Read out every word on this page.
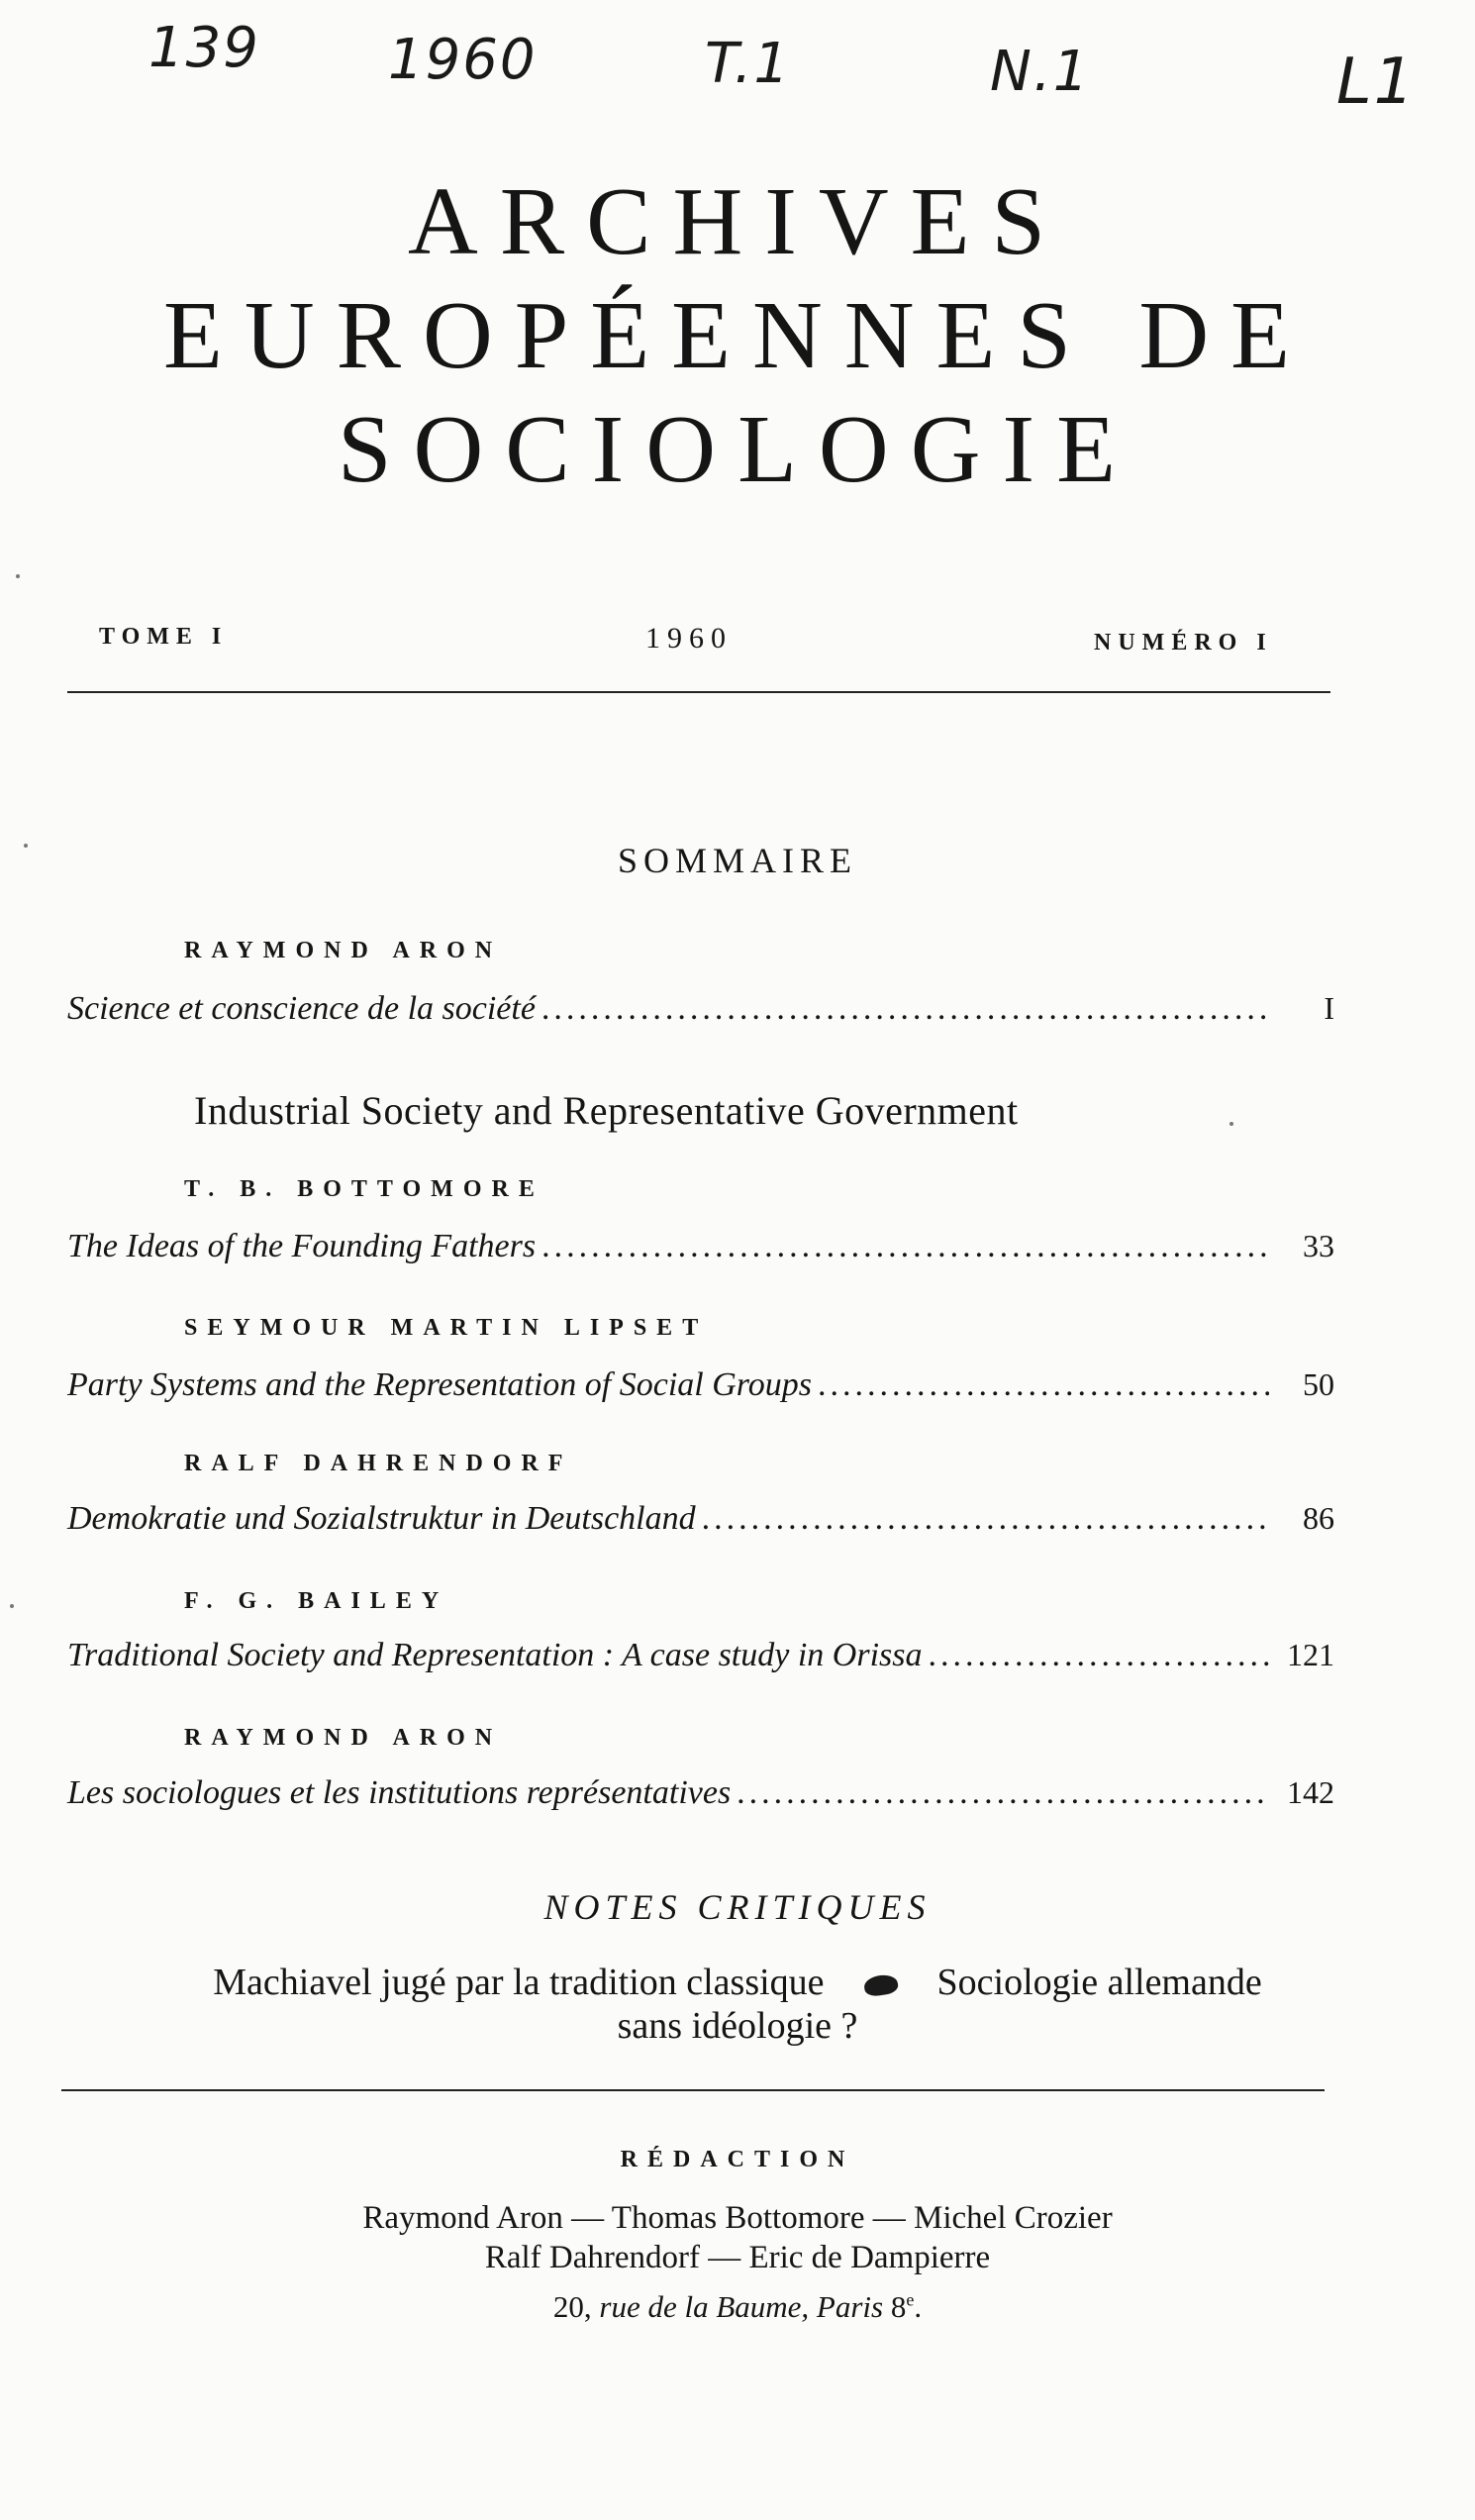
139 1960	T.1	N.1	L1
ARCHIVES
EUROPÉENNES DE
SOCIOLOGIE
TOME I	1960	NUMÉRO I
SOMMAIRE
RAYMOND ARON
Science et conscience de la société .....	I
Industrial Society and Representative Government
T. B. BOTTOMORE
The Ideas of the Founding Fathers .....	33
SEYMOUR MARTIN LIPSET
Party Systems and the Representation of Social Groups .....	50
RALF DAHRENDORF
Demokratie und Sozialstruktur in Deutschland .....	86
F. G. BAILEY
Traditional Society and Representation : A case study in Orissa .....	121
RAYMOND ARON
Les sociologues et les institutions représentatives .....	142
NOTES CRITIQUES
Machiavel jugé par la tradition classique	Sociologie allemande
sans idéologie ?
RÉDACTION
Raymond Aron — Thomas Bottomore — Michel Crozier
Ralf Dahrendorf — Eric de Dampierre
20, rue de la Baume, Paris 8e.
